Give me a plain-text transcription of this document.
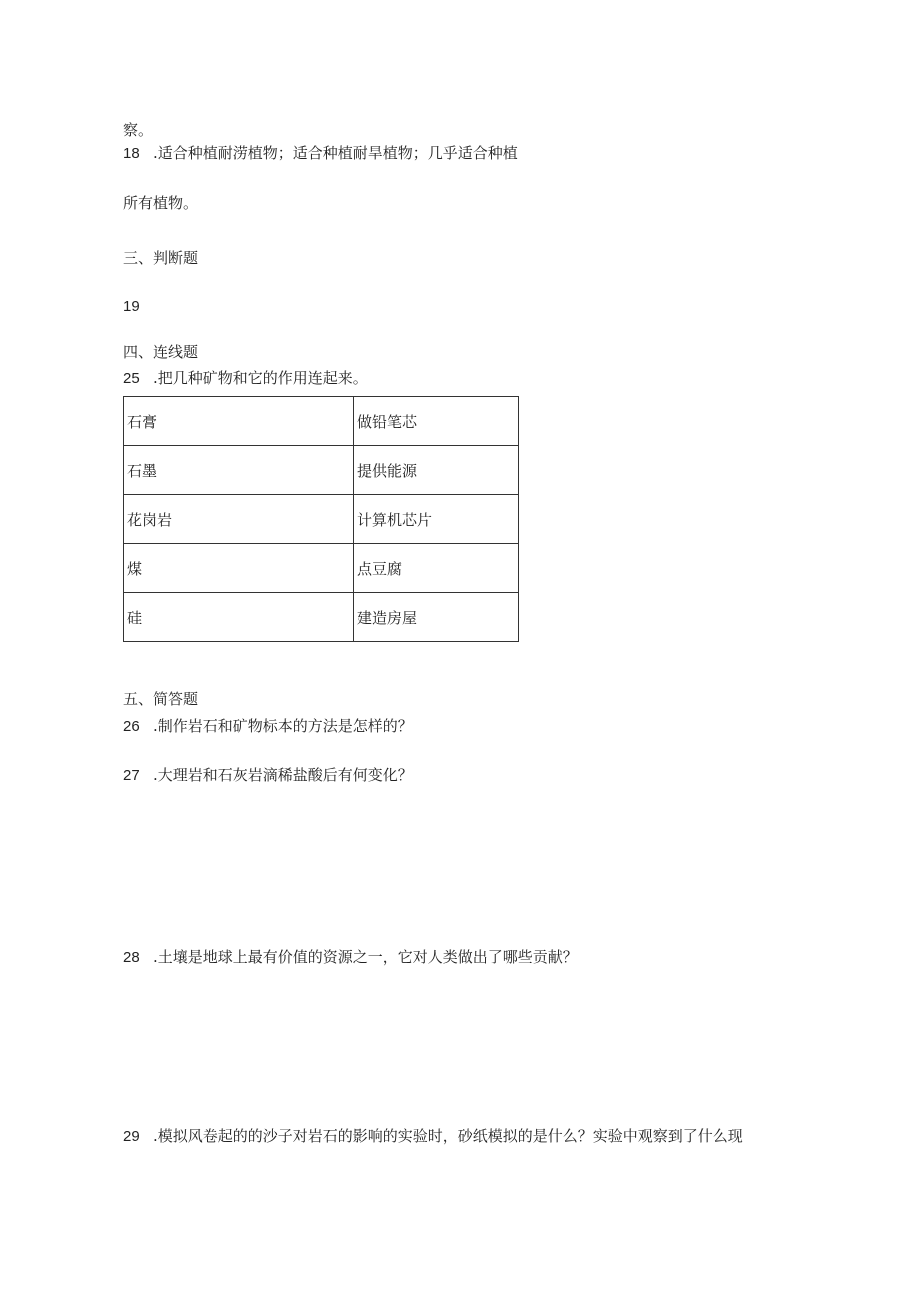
察。
18 .适合种植耐涝植物；适合种植耐旱植物；几乎适合种植
所有植物。
三、判断题
19
四、连线题
25 .把几种矿物和它的作用连起来。
石膏	做铅笔芯
石墨	提供能源
花岗岩	计算机芯片
煤	点豆腐
硅	建造房屋
五、简答题
26 .制作岩石和矿物标本的方法是怎样的？
27 .大理岩和石灰岩滴稀盐酸后有何变化？
28 .土壤是地球上最有价值的资源之一，它对人类做出了哪些贡献？
29 .模拟风卷起的的沙子对岩石的影响的实验时，砂纸模拟的是什么？实验中观察到了什么现
